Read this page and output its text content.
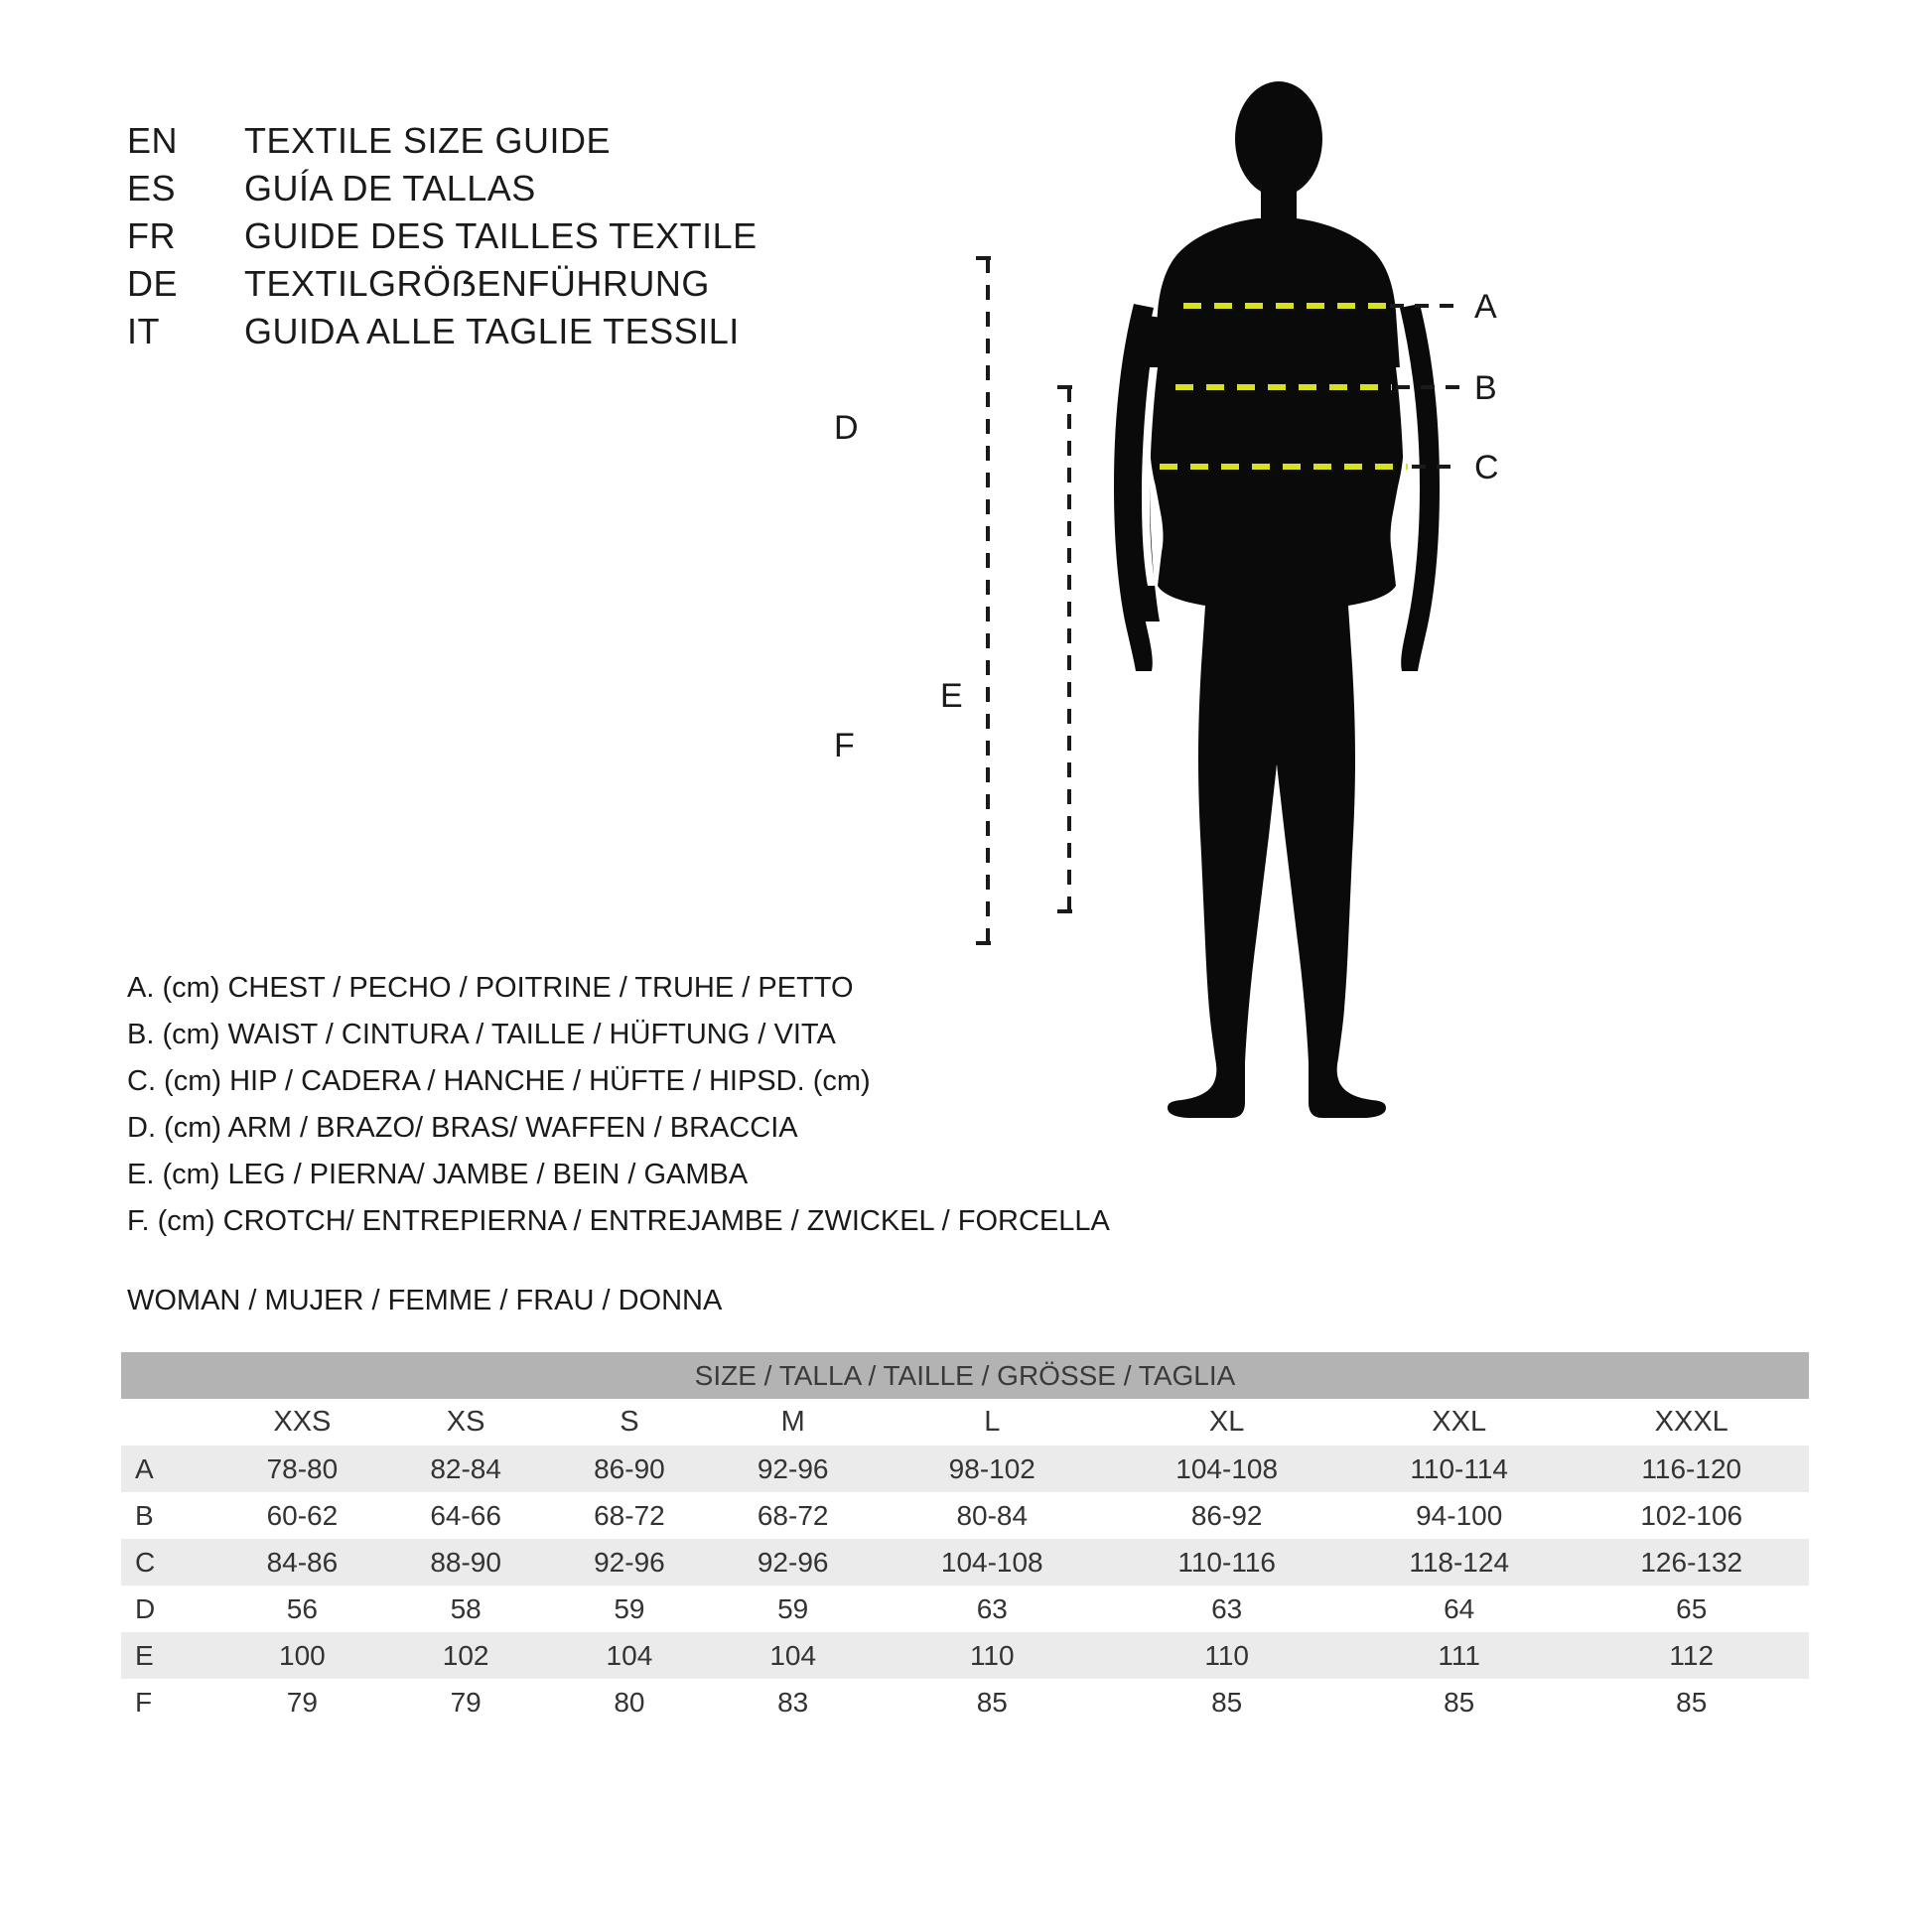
EN	TEXTILE SIZE GUIDE
ES	GUÍA DE TALLAS
FR	GUIDE DES TAILLES TEXTILE
DE	TEXTILGRÖẞENFÜHRUNG
IT	GUIDA ALLE TAGLIE TESSILI
D
F
E
A
B
C
A. (cm) CHEST / PECHO / POITRINE / TRUHE / PETTO
B. (cm) WAIST / CINTURA / TAILLE / HÜFTUNG / VITA
C. (cm) HIP / CADERA / HANCHE / HÜFTE / HIPSD. (cm)
D. (cm) ARM / BRAZO/ BRAS/ WAFFEN / BRACCIA
E. (cm) LEG / PIERNA/ JAMBE / BEIN / GAMBA
F. (cm) CROTCH/ ENTREPIERNA / ENTREJAMBE / ZWICKEL / FORCELLA
WOMAN / MUJER / FEMME / FRAU / DONNA
SIZE / TALLA / TAILLE / GRÖSSE / TAGLIA								
	XXS	XS	S	M	L	XL	XXL	XXXL
A	78-80	82-84	86-90	92-96	98-102	104-108	110-114	116-120
B	60-62	64-66	68-72	68-72	80-84	86-92	94-100	102-106
C	84-86	88-90	92-96	92-96	104-108	110-116	118-124	126-132
D	56	58	59	59	63	63	64	65
E	100	102	104	104	110	110	111	112
F	79	79	80	83	85	85	85	85
